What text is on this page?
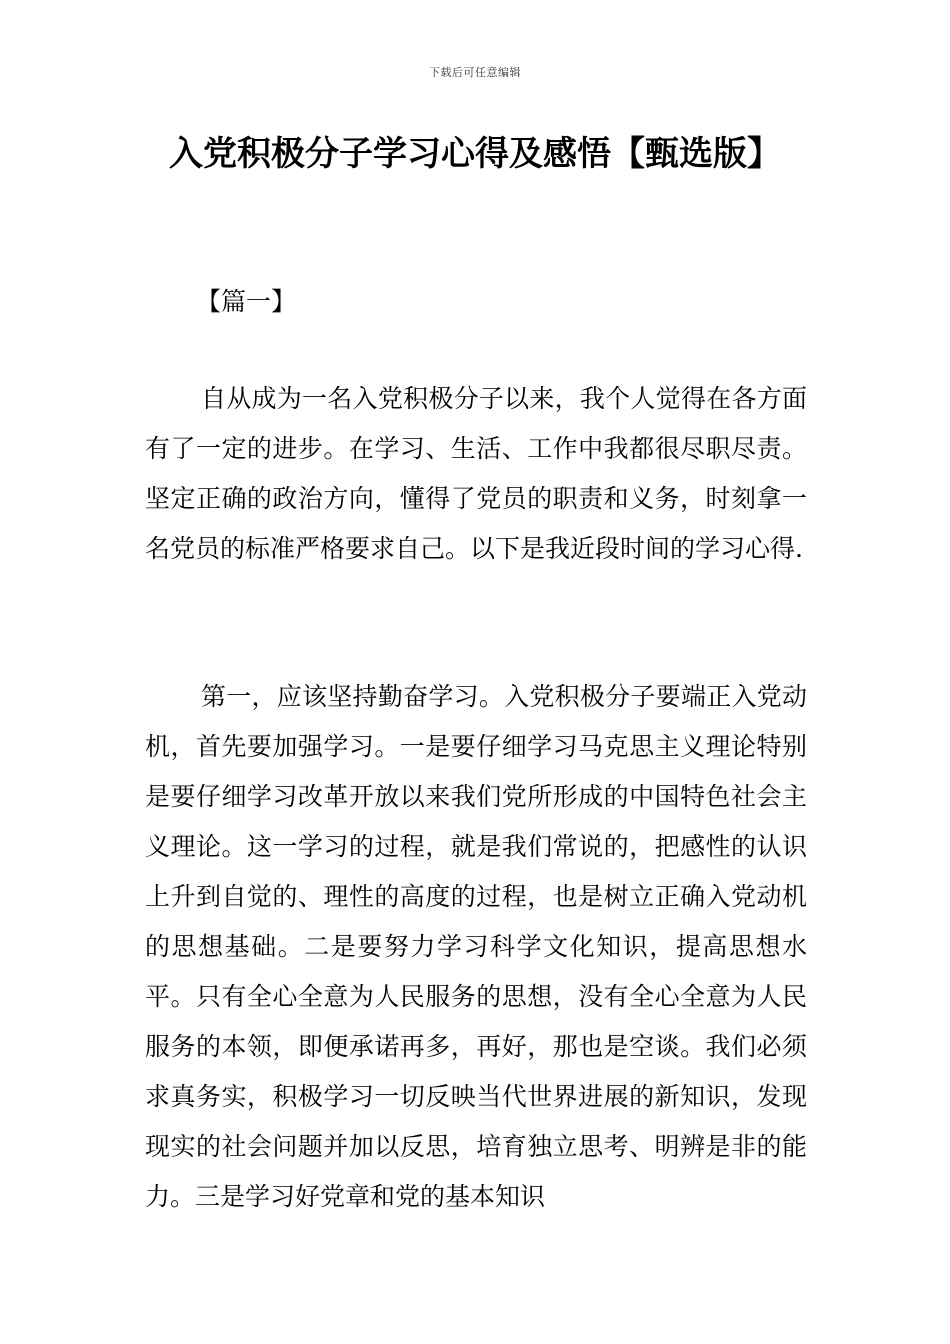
下载后可任意编辑
入党积极分子学习心得及感悟【甄选版】
【篇一】

自从成为一名入党积极分子以来，我个人觉得在各方面有了一定的进步。在学习、生活、工作中我都很尽职尽责。坚定正确的政治方向，懂得了党员的职责和义务，时刻拿一名党员的标准严格要求自己。以下是我近段时间的学习心得.

第一，应该坚持勤奋学习。入党积极分子要端正入党动机，首先要加强学习。一是要仔细学习马克思主义理论特别是要仔细学习改革开放以来我们党所形成的中国特色社会主义理论。这一学习的过程，就是我们常说的，把感性的认识上升到自觉的、理性的高度的过程，也是树立正确入党动机的思想基础。二是要努力学习科学文化知识，提高思想水平。只有全心全意为人民服务的思想，没有全心全意为人民服务的本领，即便承诺再多，再好，那也是空谈。我们必须求真务实，积极学习一切反映当代世界进展的新知识，发现现实的社会问题并加以反思，培育独立思考、明辨是非的能力。三是学习好党章和党的基本知识
